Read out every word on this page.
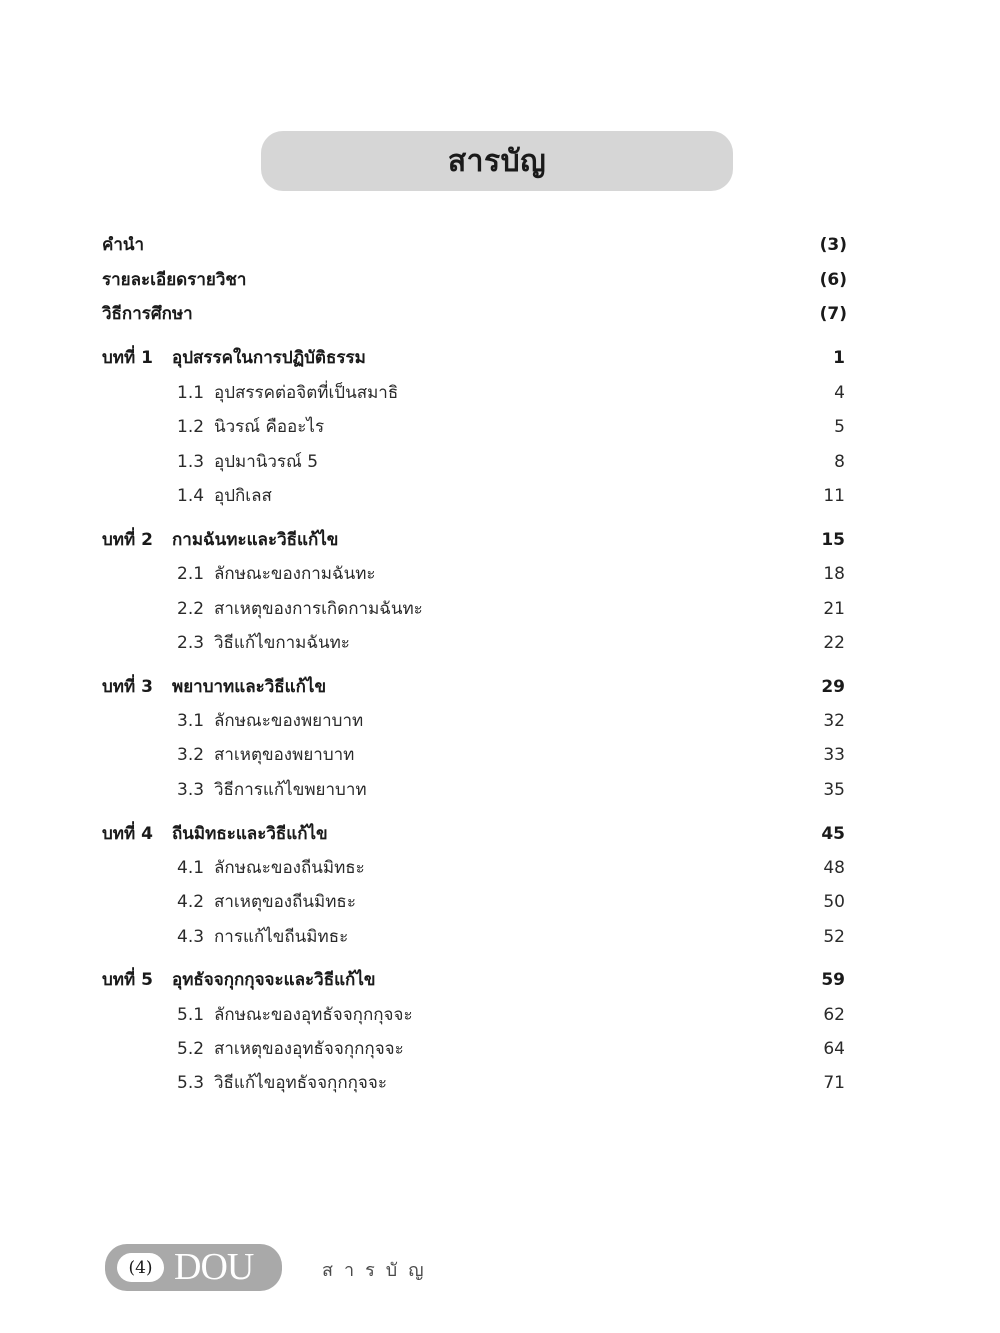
สารบัญ
คำนำ	(3)
รายละเอียดรายวิชา	(6)
วิธีการศึกษา	(7)
บทที่ 1 อุปสรรคในการปฏิบัติธรรม	1
1.1 อุปสรรคต่อจิตที่เป็นสมาธิ	4
1.2 นิวรณ์ คืออะไร	5
1.3 อุปมานิวรณ์ 5	8
1.4 อุปกิเลส	11
บทที่ 2 กามฉันทะและวิธีแก้ไข	15
2.1 ลักษณะของกามฉันทะ	18
2.2 สาเหตุของการเกิดกามฉันทะ	21
2.3 วิธีแก้ไขกามฉันทะ	22
บทที่ 3 พยาบาทและวิธีแก้ไข	29
3.1 ลักษณะของพยาบาท	32
3.2 สาเหตุของพยาบาท	33
3.3 วิธีการแก้ไขพยาบาท	35
บทที่ 4 ถีนมิทธะและวิธีแก้ไข	45
4.1 ลักษณะของถีนมิทธะ	48
4.2 สาเหตุของถีนมิทธะ	50
4.3 การแก้ไขถีนมิทธะ	52
บทที่ 5 อุทธัจจกุกกุจจะและวิธีแก้ไข	59
5.1 ลักษณะของอุทธัจจกุกกุจจะ	62
5.2 สาเหตุของอุทธัจจกุกกุจจะ	64
5.3 วิธีแก้ไขอุทธัจจกุกกุจจะ	71
(4) DOU	สารบัญ
